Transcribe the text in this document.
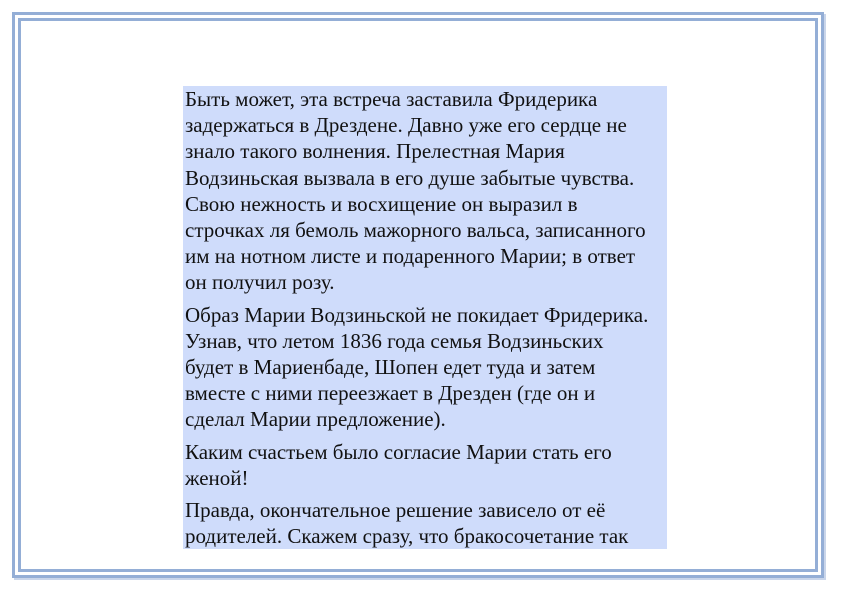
Быть может, эта встреча заставила Фридерика
задержаться в Дрездене. Давно уже его сердце не
знало такого волнения. Прелестная Мария
Водзиньская вызвала в его душе забытые чувства.
Свою нежность и восхищение он выразил в
строчках ля бемоль мажорного вальса, записанного
им на нотном листе и подаренного Марии; в ответ
он получил розу.

Образ Марии Водзиньской не покидает Фридерика.
Узнав, что летом 1836 года семья Водзиньских
будет в Мариенбаде, Шопен едет туда и затем
вместе с ними переезжает в Дрезден (где он и
сделал Марии предложение).

Каким счастьем было согласие Марии стать его
женой!

Правда, окончательное решение зависело от её
родителей. Скажем сразу, что бракосочетание так
